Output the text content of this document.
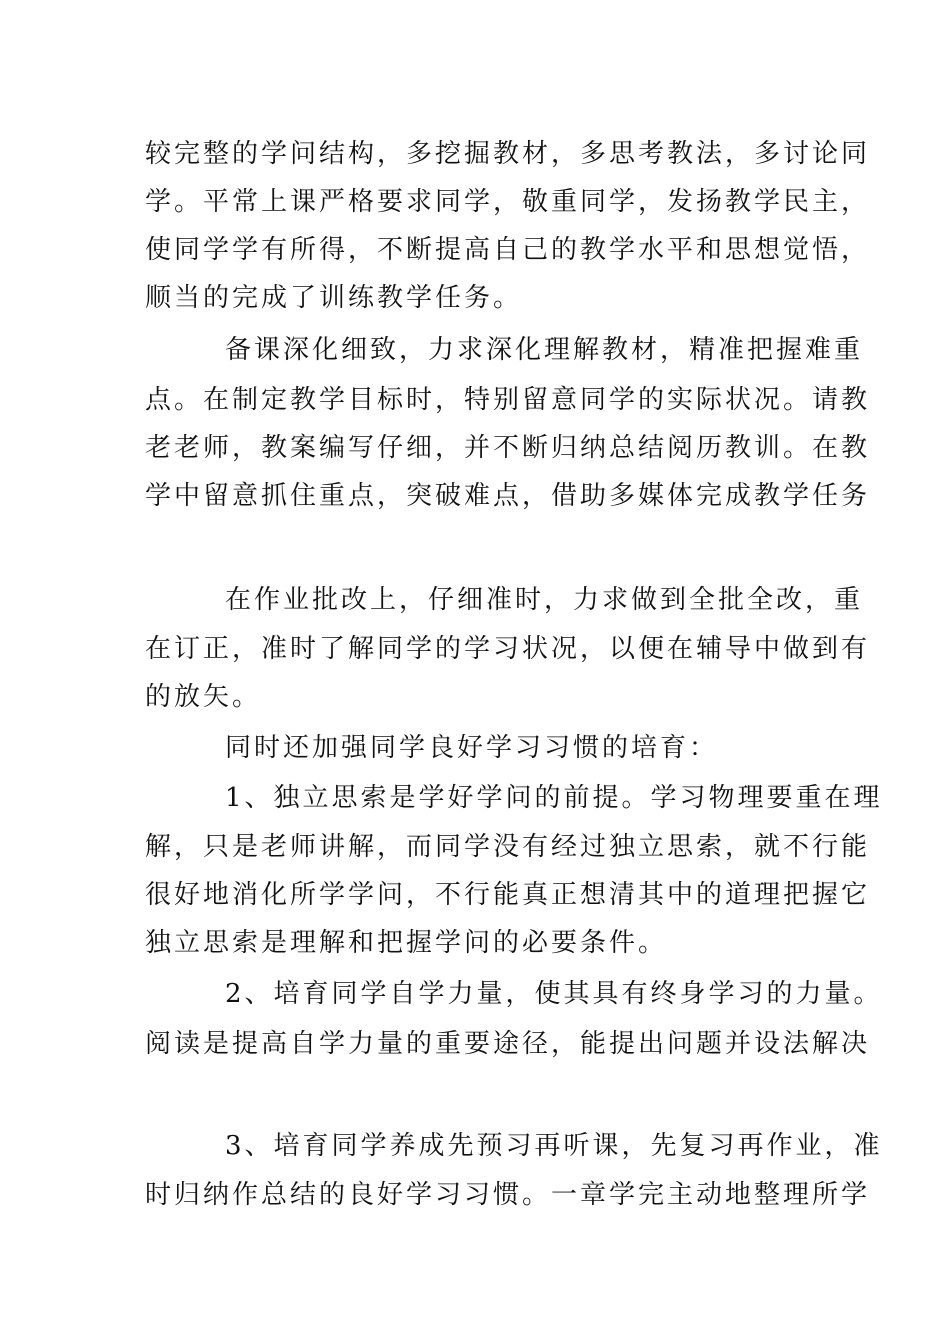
较完整的学问结构，多挖掘教材，多思考教法，多讨论同
学。平常上课严格要求同学，敬重同学，发扬教学民主，
使同学学有所得，不断提高自己的教学水平和思想觉悟，
顺当的完成了训练教学任务。
备课深化细致，力求深化理解教材，精准把握难重
点。在制定教学目标时，特别留意同学的实际状况。请教
老老师，教案编写仔细，并不断归纳总结阅历教训。在教
学中留意抓住重点，突破难点，借助多媒体完成教学任务
在作业批改上，仔细准时，力求做到全批全改，重
在订正，准时了解同学的学习状况，以便在辅导中做到有
的放矢。
同时还加强同学良好学习习惯的培育：
1、独立思索是学好学问的前提。学习物理要重在理
解，只是老师讲解，而同学没有经过独立思索，就不行能
很好地消化所学学问，不行能真正想清其中的道理把握它
独立思索是理解和把握学问的必要条件。
2、培育同学自学力量，使其具有终身学习的力量。
阅读是提高自学力量的重要途径，能提出问题并设法解决
3、培育同学养成先预习再听课，先复习再作业，准
时归纳作总结的良好学习习惯。一章学完主动地整理所学
